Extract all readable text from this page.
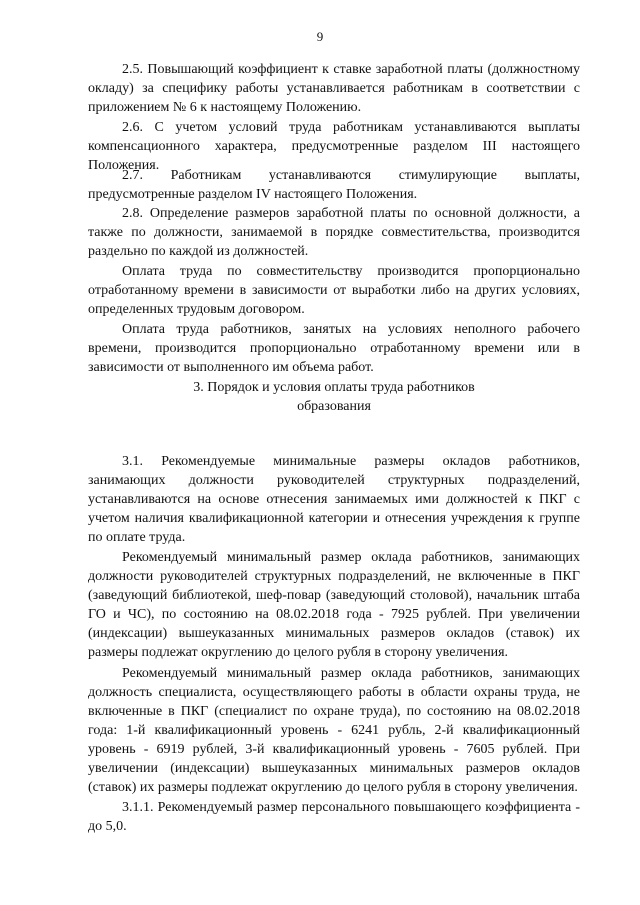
9

2.5. Повышающий коэффициент к ставке заработной платы (должностному окладу) за специфику работы устанавливается работникам в соответствии с приложением № 6 к настоящему Положению.

2.6. С учетом условий труда работникам устанавливаются выплаты компенсационного характера, предусмотренные разделом III настоящего Положения.

2.7. Работникам устанавливаются стимулирующие выплаты, предусмотренные разделом IV настоящего Положения.

2.8. Определение размеров заработной платы по основной должности, а также по должности, занимаемой в порядке совместительства, производится раздельно по каждой из должностей.

Оплата труда по совместительству производится пропорционально отработанному времени в зависимости от выработки либо на других условиях, определенных трудовым договором.

Оплата труда работников, занятых на условиях неполного рабочего времени, производится пропорционально отработанному времени или в зависимости от выполненного им объема работ.

3. Порядок и условия оплаты труда работников
образования

3.1. Рекомендуемые минимальные размеры окладов работников, занимающих должности руководителей структурных подразделений, устанавливаются на основе отнесения занимаемых ими должностей к ПКГ с учетом наличия квалификационной категории и отнесения учреждения к группе по оплате труда.

Рекомендуемый минимальный размер оклада работников, занимающих должности руководителей структурных подразделений, не включенные в ПКГ (заведующий библиотекой, шеф-повар (заведующий столовой), начальник штаба ГО и ЧС), по состоянию на 08.02.2018 года - 7925 рублей. При увеличении (индексации) вышеуказанных минимальных размеров окладов (ставок) их размеры подлежат округлению до целого рубля в сторону увеличения.

Рекомендуемый минимальный размер оклада работников, занимающих должность специалиста, осуществляющего работы в области охраны труда, не включенные в ПКГ (специалист по охране труда), по состоянию на 08.02.2018 года: 1-й квалификационный уровень - 6241 рубль, 2-й квалификационный уровень - 6919 рублей, 3-й квалификационный уровень - 7605 рублей. При увеличении (индексации) вышеуказанных минимальных размеров окладов (ставок) их размеры подлежат округлению до целого рубля в сторону увеличения.

3.1.1. Рекомендуемый размер персонального повышающего коэффициента - до 5,0.
